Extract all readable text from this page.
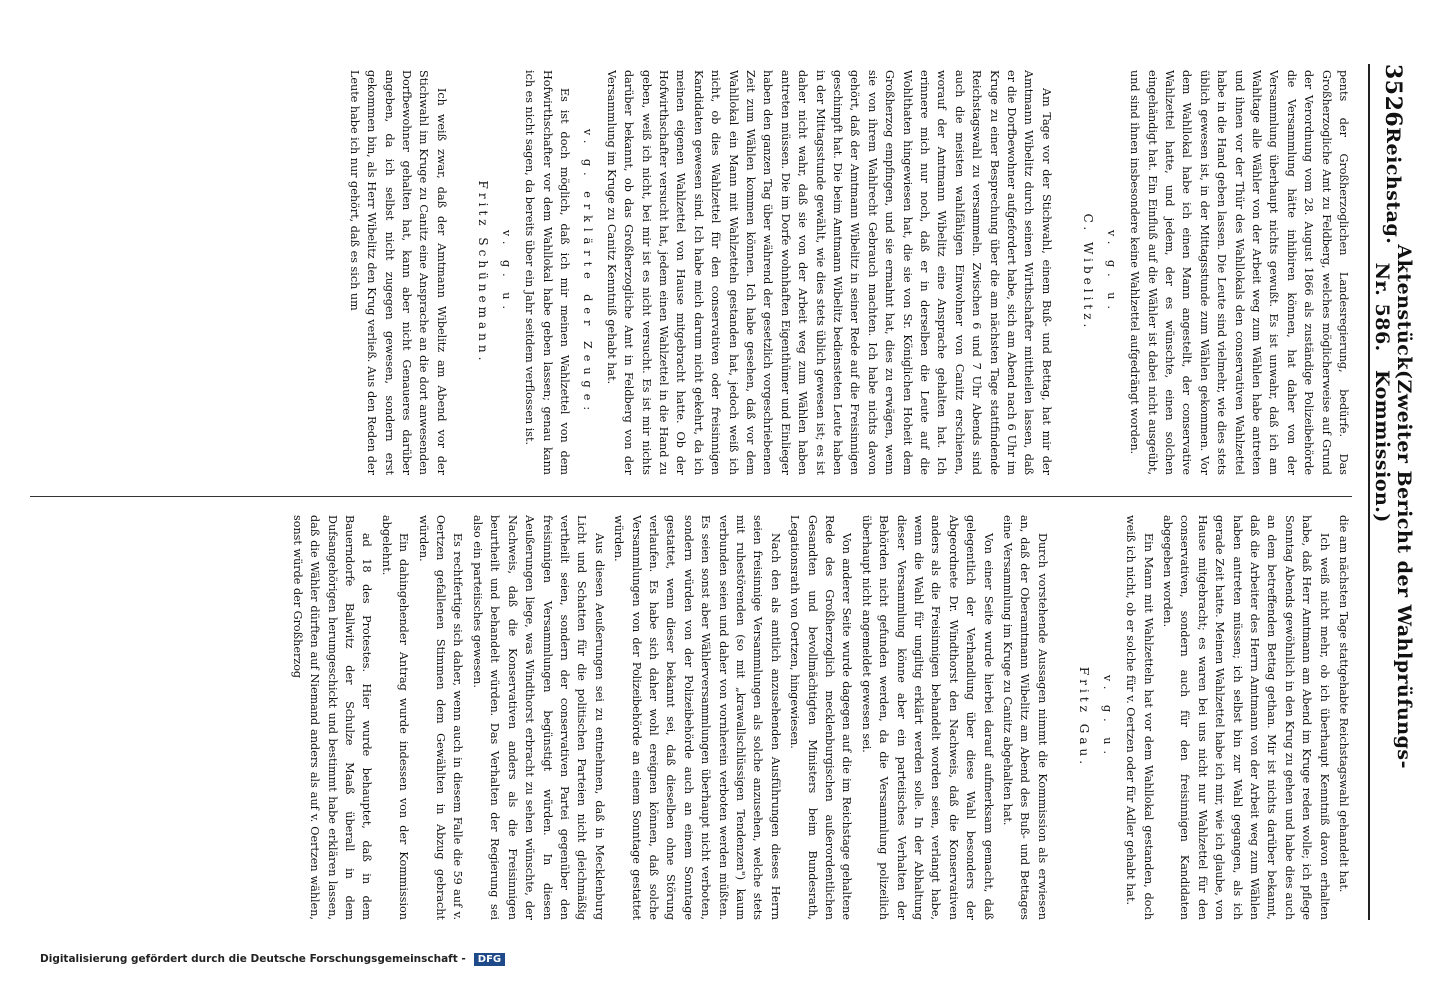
3526
Reichstag.
Aktenstück Nr. 586.
(Zweiter Bericht der Wahlprüfungs-Kommission.)

pents der Großherzoglichen Landesregierung, bedürfe. Das Großherzogliche Amt zu Feldberg, welches möglicherweise auf Grund der Verordnung vom 28. August 1866 als zuständige Polizeibehörde die Versammlung hätte inhibiren können, hat daher von der Versammlung überhaupt nichts gewußt. Es ist unwahr, daß ich am Wahltage alle Wähler von der Arbeit weg zum Wählen habe antreten und ihnen vor der Thür des Wahllokals den conservativen Wahlzettel habe in die Hand geben lassen. Die Leute sind vielmehr, wie dies stets üblich gewesen ist, in der Mittagsstunde zum Wählen gekommen. Vor dem Wahllokal habe ich einen Mann angestellt, der conservative Wahlzettel hatte, und jedem, der es wünschte, einen solchen eingehändigt hat. Ein Einfluß auf die Wähler ist dabei nicht ausgeübt, und sind ihnen insbesondere keine Wahlzettel aufgedrängt worden.

v. g. u.

C. Wibelitz.

Am Tage vor der Stichwahl, einem Buß- und Bettag, hat mir der Amtmann Wibelitz durch seinen Wirthschafter mittheilen lassen, daß er die Dorfbewohner aufgefordert habe, sich am Abend nach 6 Uhr im Kruge zu einer Besprechung über die am nächsten Tage stattfindende Reichstagswahl zu versammeln. Zwischen 6 und 7 Uhr Abends sind auch die meisten wahlfähigen Einwohner von Canitz erschienen, worauf der Amtmann Wibelitz eine Ansprache gehalten hat. Ich erinnere mich nur noch, daß er in derselben die Leute auf die Wohlthaten hingewiesen hat, die sie von Sr. Königlichen Hoheit dem Großherzog empfingen, und sie ermahnt hat, dies zu erwägen, wenn sie von ihrem Wahlrecht Gebrauch machten. Ich habe nichts davon gehört, daß der Amtmann Wibelitz in seiner Rede auf die Freisinnigen geschimpft hat. Die beim Amtmann Wibelitz bediensteten Leute haben in der Mittagsstunde gewählt, wie dies stets üblich gewesen ist; es ist daher nicht wahr, daß sie von der Arbeit weg zum Wählen haben antreten müssen. Die im Dorfe wohnhaften Eigenthümer und Einlieger haben den ganzen Tag über während der gesetzlich vorgeschriebenen Zeit zum Wählen kommen können. Ich habe gesehen, daß vor dem Wahllokal ein Mann mit Wahlzetteln gestanden hat, jedoch weiß ich nicht, ob dies Wahlzettel für den conservativen oder freisinnigen Kandidaten gewesen sind. Ich habe mich darum nicht gekehrt, da ich meinen eigenen Wahlzettel von Hause mitgebracht hatte. Ob der Hofwirthschafter versucht hat, jedem einen Wahlzettel in die Hand zu geben, weiß ich nicht, bei mir ist es nicht versucht. Es ist mir nichts darüber bekannt, ob das Großherzogliche Amt in Feldberg von der Versammlung im Kruge zu Canitz Kenntniß gehabt hat.

v. g. erklärte der Zeuge:

Es ist doch möglich, daß ich mir meinen Wahlzettel von dem Hofwirthschafter vor dem Wahllokal habe geben lassen; genau kann ich es nicht sagen, da bereits über ein Jahr seitdem verflossen ist.

v. g. u.

Fritz Schünemann.

Ich weiß zwar, daß der Amtmann Wibelitz am Abend vor der Stichwahl im Kruge zu Canitz eine Ansprache an die dort anwesenden Dorfbewohner gehalten hat, kann aber nicht Genaueres darüber angeben, da ich selbst nicht zugegen gewesen, sondern erst gekommen bin, als Herr Wibelitz den Krug verließ. Aus den Reden der Leute habe ich nur gehört, daß es sich um

die am nächsten Tage stattgehabte Reichstagswahl gehandelt hat.

Ich weiß nicht mehr, ob ich überhaupt Kenntniß davon erhalten habe, daß Herr Amtmann am Abend im Kruge reden wolle; ich pflege Sonntag Abends gewöhnlich in den Krug zu gehen und habe dies auch an dem betreffenden Bettag gethan. Mir ist nichts darüber bekannt, daß die Arbeiter des Herrn Amtmann von der Arbeit weg zum Wählen haben antreten müssen; ich selbst bin zur Wahl gegangen, als ich gerade Zeit hatte. Meinen Wahlzettel habe ich mir, wie ich glaube, von Hause mitgebracht; es waren bei uns nicht nur Wahlzettel für den conservativen, sondern auch für den freisinnigen Kandidaten abgegeben worden.

Ein Mann mit Wahlzetteln hat vor dem Wahllokal gestanden, doch weiß ich nicht, ob er solche für v. Oertzen oder für Adler gehabt hat.

v. g. u.

Fritz Gau.

Durch vorstehende Aussagen nimmt die Kommission als erwiesen an, daß der Oberamtmann Wibelitz am Abend des Buß- und Bettages eine Versammlung im Kruge zu Canitz abgehalten hat.

Von einer Seite wurde hierbei darauf aufmerksam gemacht, daß gelegentlich der Verhandlung über diese Wahl besonders der Abgeordnete Dr. Windthorst den Nachweis, daß die Konservativen anders als die Freisinnigen behandelt worden seien, verlangt habe, wenn die Wahl für ungiltig erklärt werden solle. In der Abhaltung dieser Versammlung könne aber ein parteiisches Verhalten der Behörden nicht gefunden werden, da die Versammlung polizeilich überhaupt nicht angemeldet gewesen sei.

Von anderer Seite wurde dagegen auf die im Reichstage gehaltene Rede des Großherzoglich mecklenburgischen außerordentlichen Gesandten und bevollmächtigten Ministers beim Bundesrath, Legationsrath von Oertzen, hingewiesen.

Nach den als amtlich anzusehenden Ausführungen dieses Herrn seien freisinnige Versammlungen als solche anzusehen, welche stets mit ruhestörenden (so mit „krawallschlüssigen Tendenzen") kaum verbunden seien und daher von vornherein verboten werden müßten. Es seien sonst aber Wählerversammlungen überhaupt nicht verboten, sondern würden von der Polizeibehörde auch an einem Sonntage gestattet, wenn dieser bekannt sei, daß dieselben ohne Störung verlaufen. Es habe sich daher wohl ereignen können, daß solche Versammlungen von der Polizeibehörde an einem Sonntage gestattet würden.

Aus diesen Aeußerungen sei zu entnehmen, daß in Mecklenburg Licht und Schatten für die politischen Parteien nicht gleichmäßig vertheilt seien, sondern der conservativen Partei gegenüber den freisinnigen Versammlungen begünstigt würden. In diesen Aeußerungen liege, was Windthorst erbracht zu sehen wünschte, der Nachweis, daß die Konservativen anders als die Freisinnigen beurtheilt und behandelt würden. Das Verhalten der Regierung sei also ein parteiisches gewesen.

Es rechtfertige sich daher, wenn auch in diesem Falle die 59 auf v. Oertzen gefallenen Stimmen dem Gewählten in Abzug gebracht würden.

Ein dahingehender Antrag wurde indessen von der Kommission abgelehnt.

ad 18 des Protestes. Hier wurde behauptet, daß in dem Bauerndorfe Ballwitz der Schulze Maaß überall in dem Dufsangehörigen herumgeschickt und bestimmt habe erklären lassen, daß die Wähler dürften auf Niemand anders als auf v. Oertzen wählen, sonst würde der Großherzog

Digitalisierung gefördert durch die Deutsche Forschungsgemeinschaft -	DFG
